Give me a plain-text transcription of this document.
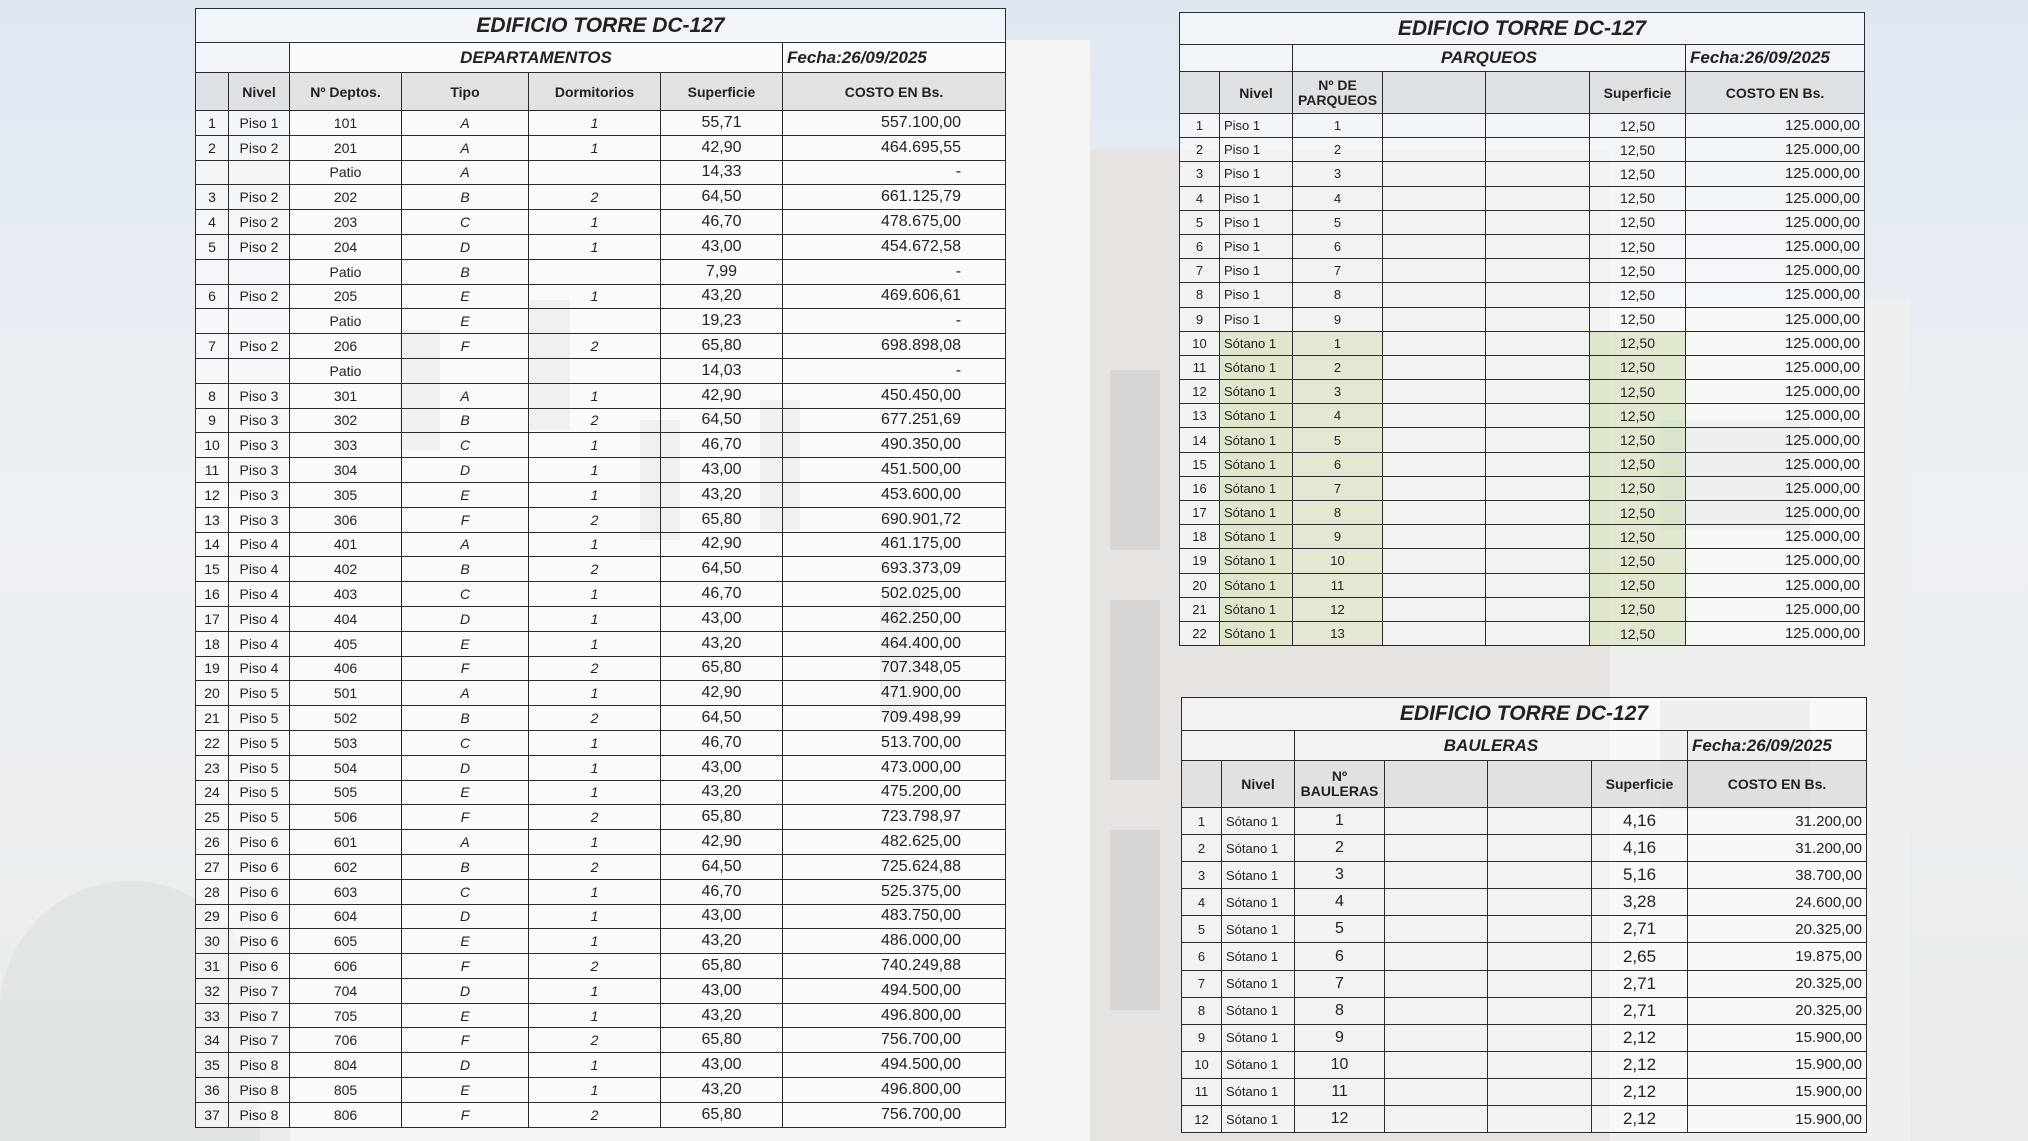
EDIFICIO TORRE DC-127						
		DEPARTAMENTOS				Fecha:26/09/2025
	Nivel	Nº Deptos.	Tipo	Dormitorios	Superficie	COSTO EN Bs.
1	Piso 1	101	A	1	55,71	557.100,00
2	Piso 2	201	A	1	42,90	464.695,55
		Patio	A		14,33	-
3	Piso 2	202	B	2	64,50	661.125,79
4	Piso 2	203	C	1	46,70	478.675,00
5	Piso 2	204	D	1	43,00	454.672,58
		Patio	B		7,99	-
6	Piso 2	205	E	1	43,20	469.606,61
		Patio	E		19,23	-
7	Piso 2	206	F	2	65,80	698.898,08
		Patio			14,03	-
8	Piso 3	301	A	1	42,90	450.450,00
9	Piso 3	302	B	2	64,50	677.251,69
10	Piso 3	303	C	1	46,70	490.350,00
11	Piso 3	304	D	1	43,00	451.500,00
12	Piso 3	305	E	1	43,20	453.600,00
13	Piso 3	306	F	2	65,80	690.901,72
14	Piso 4	401	A	1	42,90	461.175,00
15	Piso 4	402	B	2	64,50	693.373,09
16	Piso 4	403	C	1	46,70	502.025,00
17	Piso 4	404	D	1	43,00	462.250,00
18	Piso 4	405	E	1	43,20	464.400,00
19	Piso 4	406	F	2	65,80	707.348,05
20	Piso 5	501	A	1	42,90	471.900,00
21	Piso 5	502	B	2	64,50	709.498,99
22	Piso 5	503	C	1	46,70	513.700,00
23	Piso 5	504	D	1	43,00	473.000,00
24	Piso 5	505	E	1	43,20	475.200,00
25	Piso 5	506	F	2	65,80	723.798,97
26	Piso 6	601	A	1	42,90	482.625,00
27	Piso 6	602	B	2	64,50	725.624,88
28	Piso 6	603	C	1	46,70	525.375,00
29	Piso 6	604	D	1	43,00	483.750,00
30	Piso 6	605	E	1	43,20	486.000,00
31	Piso 6	606	F	2	65,80	740.249,88
32	Piso 7	704	D	1	43,00	494.500,00
33	Piso 7	705	E	1	43,20	496.800,00
34	Piso 7	706	F	2	65,80	756.700,00
35	Piso 8	804	D	1	43,00	494.500,00
36	Piso 8	805	E	1	43,20	496.800,00
37	Piso 8	806	F	2	65,80	756.700,00
EDIFICIO TORRE DC-127						
		PARQUEOS				Fecha:26/09/2025
	Nivel	Nº DE PARQUEOS			Superficie	COSTO EN Bs.
1	Piso 1	1			12,50	125.000,00
2	Piso 1	2			12,50	125.000,00
3	Piso 1	3			12,50	125.000,00
4	Piso 1	4			12,50	125.000,00
5	Piso 1	5			12,50	125.000,00
6	Piso 1	6			12,50	125.000,00
7	Piso 1	7			12,50	125.000,00
8	Piso 1	8			12,50	125.000,00
9	Piso 1	9			12,50	125.000,00
10	Sótano 1	1			12,50	125.000,00
11	Sótano 1	2			12,50	125.000,00
12	Sótano 1	3			12,50	125.000,00
13	Sótano 1	4			12,50	125.000,00
14	Sótano 1	5			12,50	125.000,00
15	Sótano 1	6			12,50	125.000,00
16	Sótano 1	7			12,50	125.000,00
17	Sótano 1	8			12,50	125.000,00
18	Sótano 1	9			12,50	125.000,00
19	Sótano 1	10			12,50	125.000,00
20	Sótano 1	11			12,50	125.000,00
21	Sótano 1	12			12,50	125.000,00
22	Sótano 1	13			12,50	125.000,00
EDIFICIO TORRE DC-127						
		BAULERAS				Fecha:26/09/2025
	Nivel	Nº BAULERAS			Superficie	COSTO EN Bs.
1	Sótano 1	1			4,16	31.200,00
2	Sótano 1	2			4,16	31.200,00
3	Sótano 1	3			5,16	38.700,00
4	Sótano 1	4			3,28	24.600,00
5	Sótano 1	5			2,71	20.325,00
6	Sótano 1	6			2,65	19.875,00
7	Sótano 1	7			2,71	20.325,00
8	Sótano 1	8			2,71	20.325,00
9	Sótano 1	9			2,12	15.900,00
10	Sótano 1	10			2,12	15.900,00
11	Sótano 1	11			2,12	15.900,00
12	Sótano 1	12			2,12	15.900,00
